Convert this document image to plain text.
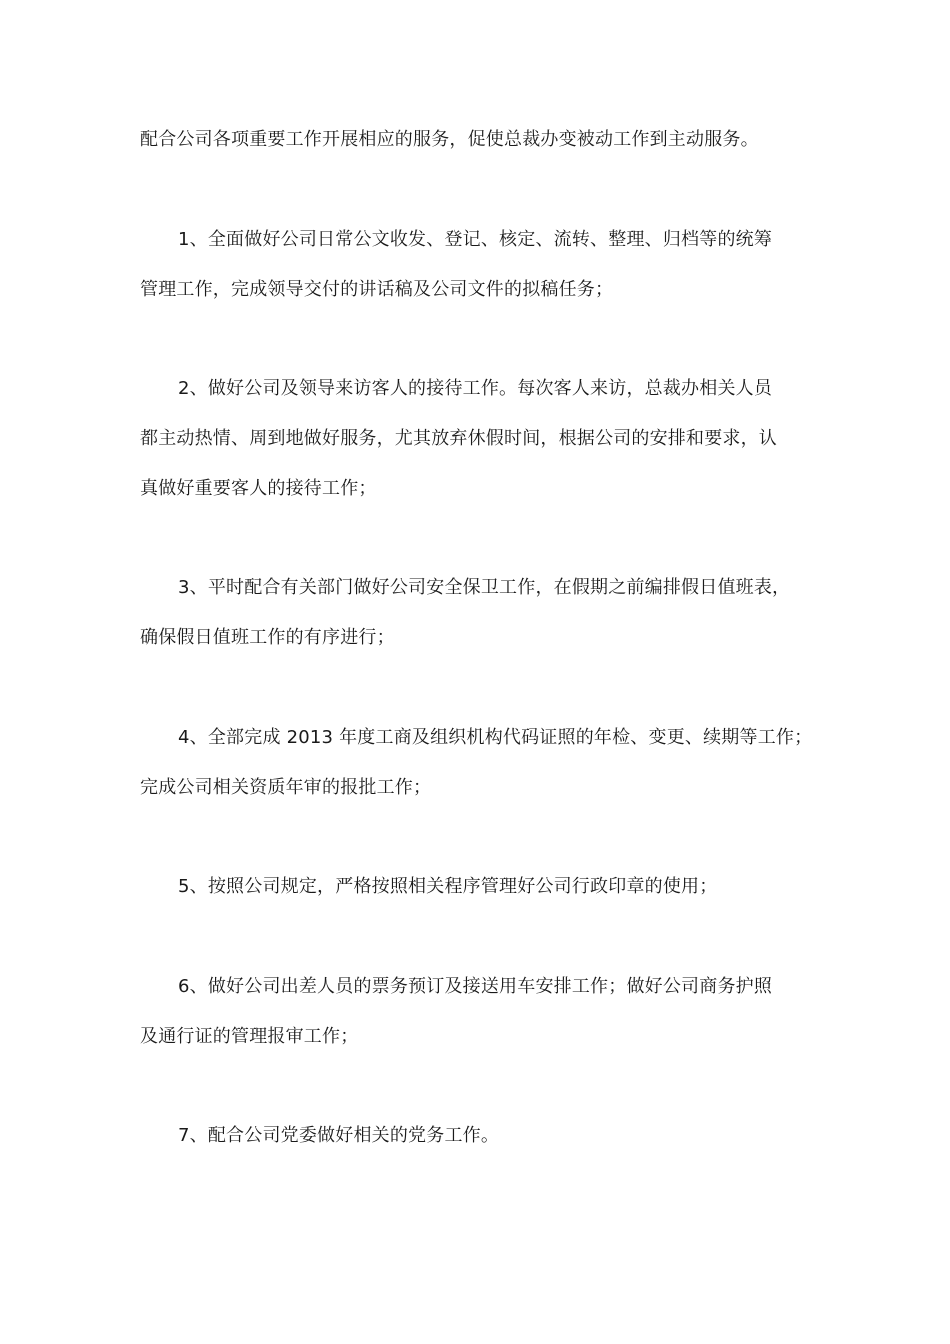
配合公司各项重要工作开展相应的服务，促使总裁办变被动工作到主动服务。
1、全面做好公司日常公文收发、登记、核定、流转、整理、归档等的统筹
管理工作，完成领导交付的讲话稿及公司文件的拟稿任务；
2、做好公司及领导来访客人的接待工作。每次客人来访，总裁办相关人员
都主动热情、周到地做好服务，尤其放弃休假时间，根据公司的安排和要求，认
真做好重要客人的接待工作；
3、平时配合有关部门做好公司安全保卫工作，在假期之前编排假日值班表，
确保假日值班工作的有序进行；
4、全部完成 2013 年度工商及组织机构代码证照的年检、变更、续期等工作；
完成公司相关资质年审的报批工作；
5、按照公司规定，严格按照相关程序管理好公司行政印章的使用；
6、做好公司出差人员的票务预订及接送用车安排工作；做好公司商务护照
及通行证的管理报审工作；
7、配合公司党委做好相关的党务工作。
